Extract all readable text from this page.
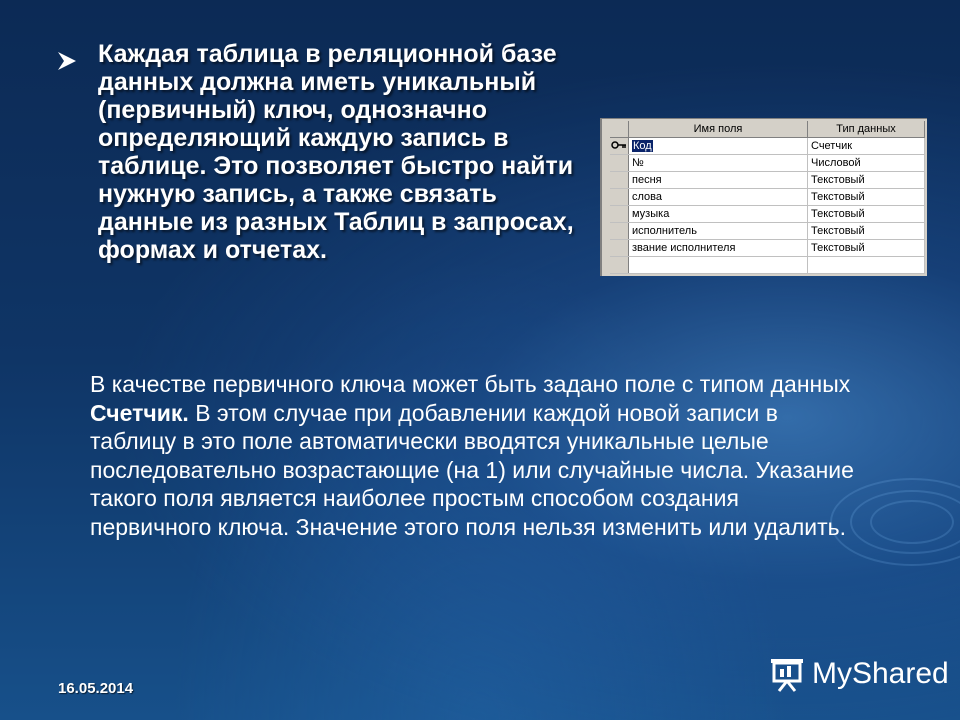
Каждая таблица в реляционной базе данных должна иметь уникальный (первичный) ключ, однозначно определяющий каждую запись в таблице. Это позволяет быстро найти нужную запись, а также связать данные из разных Таблиц в запросах, формах и отчетах.

	Имя поля	Тип данных
	Код	Счетчик
	№	Числовой
	песня	Текстовый
	слова	Текстовый
	музыка	Текстовый
	исполнитель	Текстовый
	звание исполнителя	Текстовый

В качестве первичного ключа может быть задано поле с типом данных Счетчик. В этом случае при добавлении каждой новой записи в таблицу в это поле автоматически вводятся уникальные целые последовательно возрастающие (на 1) или случайные числа. Указание такого поля является наиболее простым способом создания первичного ключа. Значение этого поля нельзя изменить или удалить.

16.05.2014	MyShared
